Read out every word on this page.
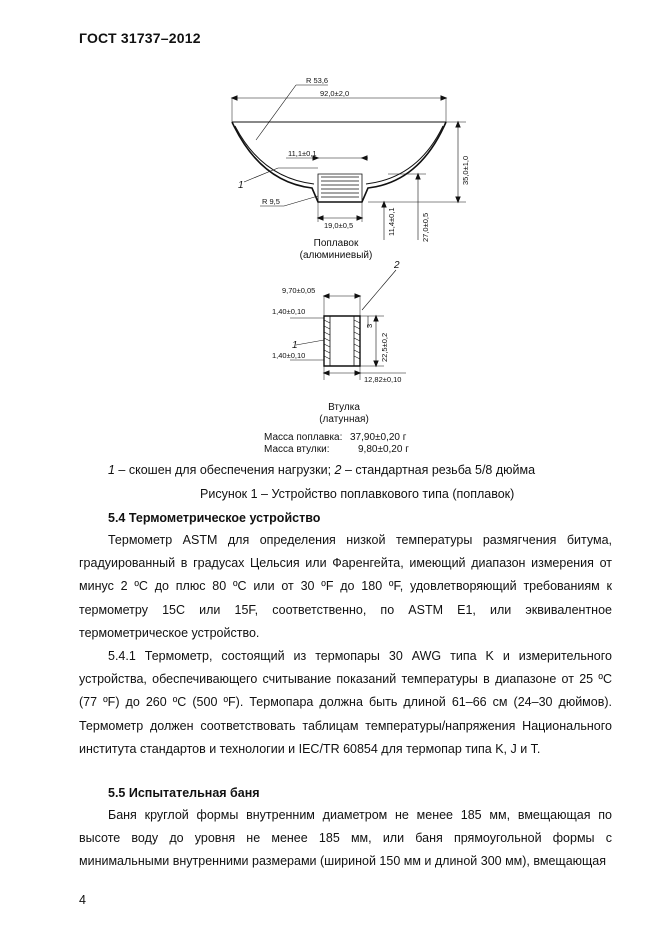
ГОСТ 31737–2012
R 53,6
92,0±2,0
11,1±0,1
19,0±0,5
R 9,5
1
2
35,0±1,0
27,0±0,5
11,4±0,1
Поплавок
(алюминиевый)
9,70±0,05
1,40±0,10
1,40±0,10
12,82±0,10
22,5±0,2
3
1
Втулка
(латунная)
Масса поплавка: 37,90±0,20 г
Масса втулки:	9,80±0,20 г
1 – скошен для обеспечения нагрузки; 2 – стандартная резьба 5/8 дюйма
Рисунок 1 – Устройство поплавкового типа (поплавок)
5.4 Термометрическое устройство

Термометр ASTM для определения низкой температуры размягчения битума, градуированный в градусах Цельсия или Фаренгейта, имеющий диапазон измерения от минус 2 ºС до плюс 80 ºС или от 30 ºF до 180 ºF, удовлетворяющий требованиям к термометру 15С или 15F, соответственно, по ASTM E1, или эквивалентное термометрическое устройство.

5.4.1 Термометр, состоящий из термопары 30 AWG типа K и измерительного устройства, обеспечивающего считывание показаний температуры в диапазоне от 25 ºС (77 ºF) до 260 ºС (500 ºF). Термопара должна быть длиной 61–66 см (24–30 дюймов). Термометр должен соответствовать таблицам температуры/напряжения Национального института стандартов и технологии и IEC/TR 60854 для термопар типа K, J и T.

5.5 Испытательная баня

Баня круглой формы внутренним диаметром не менее 185 мм, вмещающая по высоте воду до уровня не менее 185 мм, или баня прямоугольной формы с минимальными внутренними размерами (шириной 150 мм и длиной 300 мм), вмещающая

4
